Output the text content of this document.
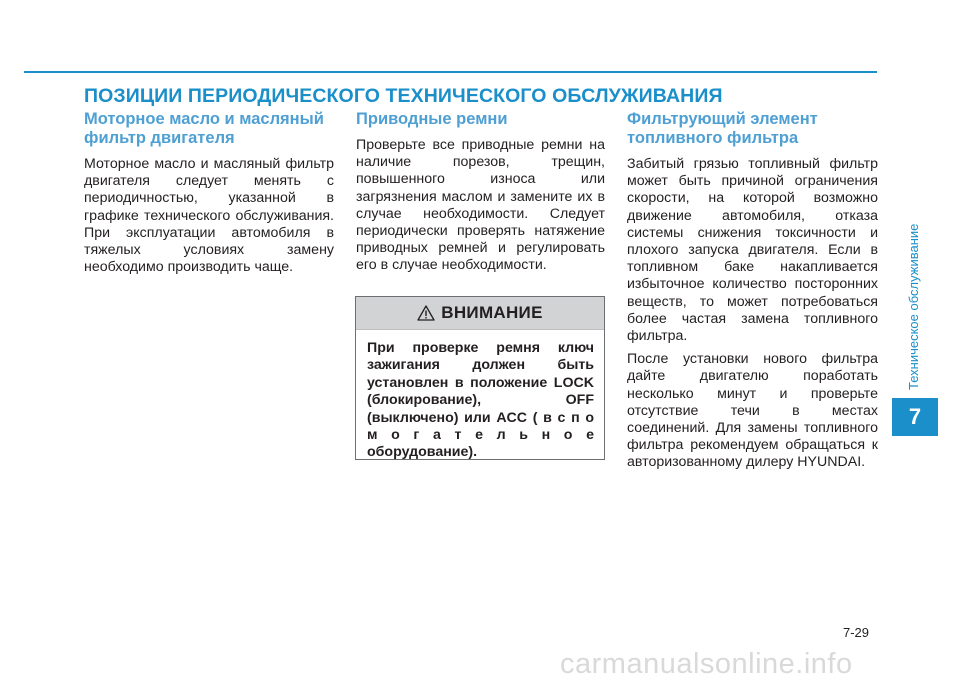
ПОЗИЦИИ ПЕРИОДИЧЕСКОГО ТЕХНИЧЕСКОГО ОБСЛУЖИВАНИЯ
Моторное масло и масляный фильтр двигателя

Моторное масло и масляный фильтр двигателя следует менять с периодичностью, указанной в графике технического обслуживания. При эксплуатации автомобиля в тяжелых условиях замену необходимо производить чаще.

Приводные ремни

Проверьте все приводные ремни на наличие порезов, трещин, повышенного износа или загрязнения маслом и замените их в случае необходимости. Следует периодически проверять натяжение приводных ремней и регулировать его в случае необходимости.

ВНИМАНИЕ
При проверке ремня ключ зажигания должен быть установлен в положение LOCK (блокирование), OFF (выключено) или ACC ( в с п о м о г а т е л ь н о е оборудование).
Фильтрующий элемент топливного фильтра

Забитый грязью топливный фильтр может быть причиной ограничения скорости, на которой возможно движение автомобиля, отказа системы снижения токсичности и плохого запуска двигателя. Если в топливном баке накапливается избыточное количество посторонних веществ, то может потребоваться более частая замена топливного фильтра.

После установки нового фильтра дайте двигателю поработать несколько минут и проверьте отсутствие течи в местах соединений. Для замены топливного фильтра рекомендуем обращаться к авторизованному дилеру HYUNDAI.

Техническое обслуживание
7
7-29
carmanualsonline.info
